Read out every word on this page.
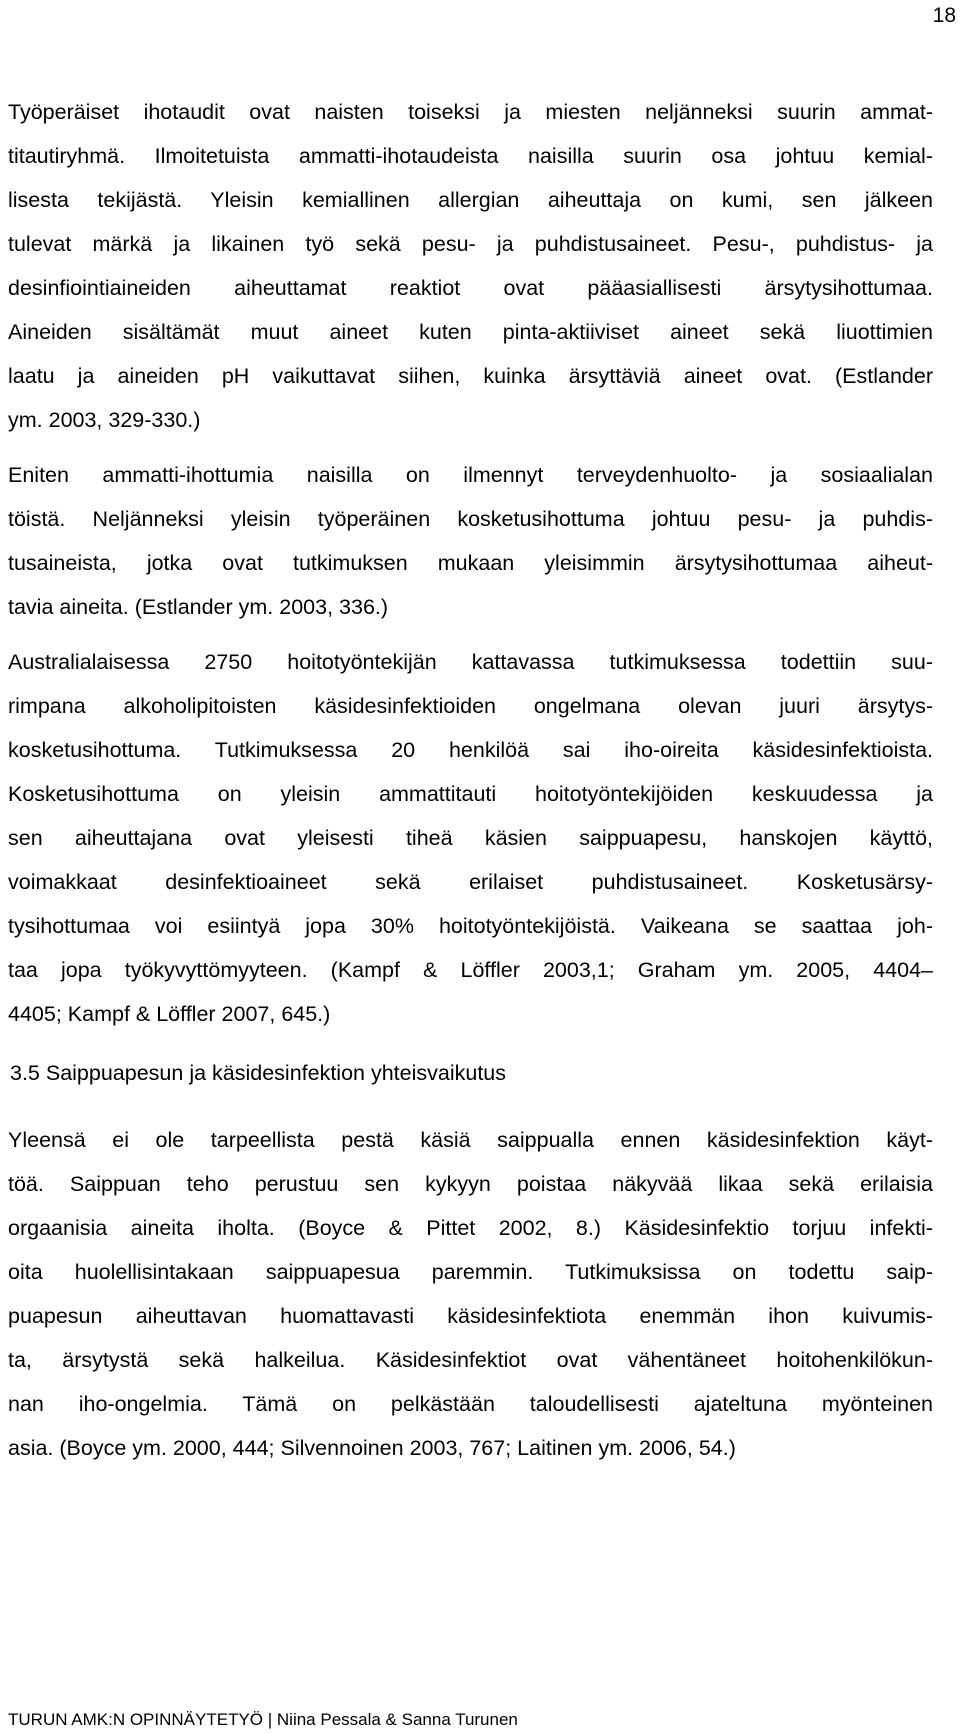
18
Työperäiset ihotaudit ovat naisten toiseksi ja miesten neljänneksi suurin ammat-
titautiryhmä. Ilmoitetuista ammatti-ihotaudeista naisilla suurin osa johtuu kemial-
lisesta tekijästä. Yleisin kemiallinen allergian aiheuttaja on kumi, sen jälkeen
tulevat märkä ja likainen työ sekä pesu- ja puhdistusaineet. Pesu-, puhdistus- ja
desinfiointiaineiden aiheuttamat reaktiot ovat pääasiallisesti ärsytysihottumaa.
Aineiden sisältämät muut aineet kuten pinta-aktiiviset aineet sekä liuottimien
laatu ja aineiden pH vaikuttavat siihen, kuinka ärsyttäviä aineet ovat. (Estlander
ym. 2003, 329-330.)
Eniten ammatti-ihottumia naisilla on ilmennyt terveydenhuolto- ja sosiaalialan
töistä. Neljänneksi yleisin työperäinen kosketusihottuma johtuu pesu- ja puhdis-
tusaineista, jotka ovat tutkimuksen mukaan yleisimmin ärsytysihottumaa aiheut-
tavia aineita. (Estlander ym. 2003, 336.)
Australialaisessa 2750 hoitotyöntekijän kattavassa tutkimuksessa todettiin suu-
rimpana alkoholipitoisten käsidesinfektioiden ongelmana olevan juuri ärsytys-
kosketusihottuma. Tutkimuksessa 20 henkilöä sai iho-oireita käsidesinfektioista.
Kosketusihottuma on yleisin ammattitauti hoitotyöntekijöiden keskuudessa ja
sen aiheuttajana ovat yleisesti tiheä käsien saippuapesu, hanskojen käyttö,
voimakkaat desinfektioaineet sekä erilaiset puhdistusaineet. Kosketusärsy-
tysihottumaa voi esiintyä jopa 30% hoitotyöntekijöistä. Vaikeana se saattaa joh-
taa jopa työkyvyttömyyteen. (Kampf & Löffler 2003,1; Graham ym. 2005, 4404–
4405; Kampf & Löffler 2007, 645.)
3.5 Saippuapesun ja käsidesinfektion yhteisvaikutus
Yleensä ei ole tarpeellista pestä käsiä saippualla ennen käsidesinfektion käyt-
töä. Saippuan teho perustuu sen kykyyn poistaa näkyvää likaa sekä erilaisia
orgaanisia aineita iholta. (Boyce & Pittet 2002, 8.) Käsidesinfektio torjuu infekti-
oita huolellisintakaan saippuapesua paremmin. Tutkimuksissa on todettu saip-
puapesun aiheuttavan huomattavasti käsidesinfektiota enemmän ihon kuivumis-
ta, ärsytystä sekä halkeilua. Käsidesinfektiot ovat vähentäneet hoitohenkilökun-
nan iho-ongelmia. Tämä on pelkästään taloudellisesti ajateltuna myönteinen
asia. (Boyce ym. 2000, 444; Silvennoinen 2003, 767; Laitinen ym. 2006, 54.)
TURUN AMK:N OPINNÄYTETYÖ | Niina Pessala & Sanna Turunen
